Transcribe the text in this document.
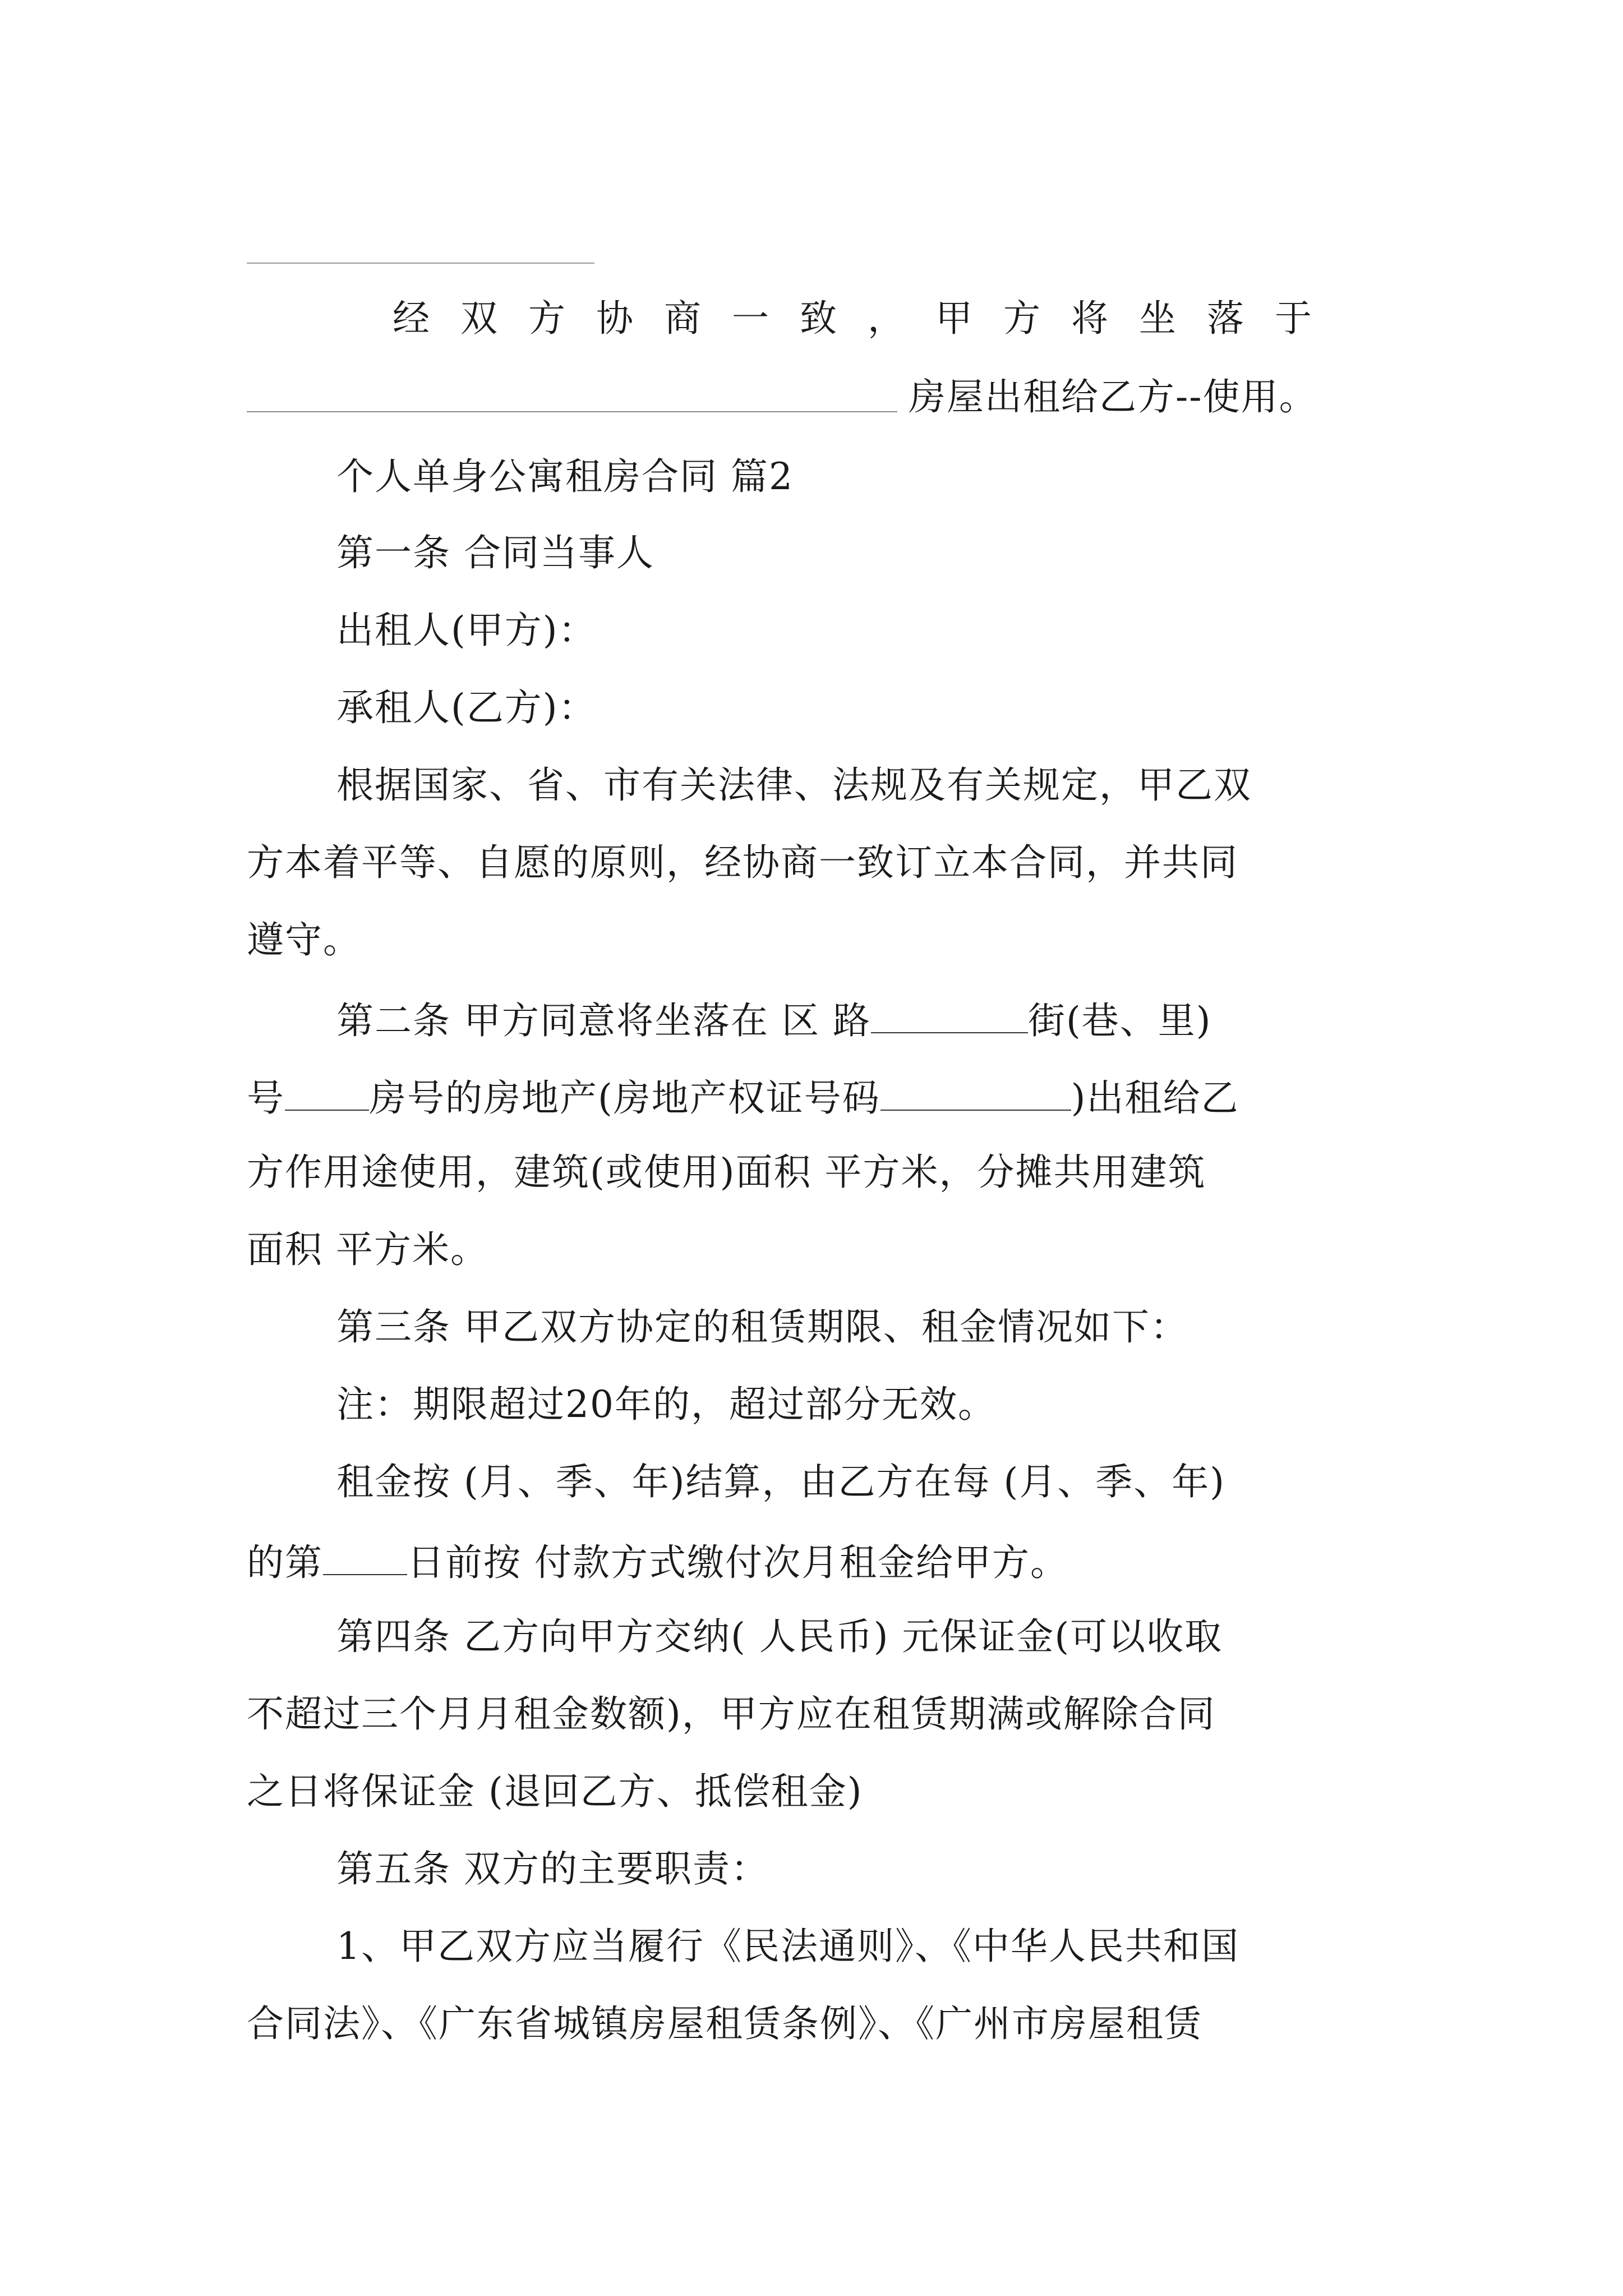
经双方协商一致，甲方将坐落于
房屋出租给乙方--使用。
个人单身公寓租房合同 篇2
第一条 合同当事人
出租人(甲方)：
承租人(乙方)：
根据国家、省、市有关法律、法规及有关规定，甲乙双
方本着平等、自愿的原则，经协商一致订立本合同，并共同
遵守。
第二条 甲方同意将坐落在 区 路	街(巷、里)
号 房号的房地产(房地产权证号码	)出租给乙
方作用途使用，建筑(或使用)面积 平方米，分摊共用建筑
面积 平方米。
第三条 甲乙双方协定的租赁期限、租金情况如下：
注：期限超过20年的，超过部分无效。
租金按 (月、季、年)结算，由乙方在每 (月、季、年)
的第 日前按 付款方式缴付次月租金给甲方。
第四条 乙方向甲方交纳( 人民币) 元保证金(可以收取
不超过三个月月租金数额)，甲方应在租赁期满或解除合同
之日将保证金 (退回乙方、抵偿租金)
第五条 双方的主要职责：
1、甲乙双方应当履行《民法通则》、《中华人民共和国
合同法》、《广东省城镇房屋租赁条例》、《广州市房屋租赁
